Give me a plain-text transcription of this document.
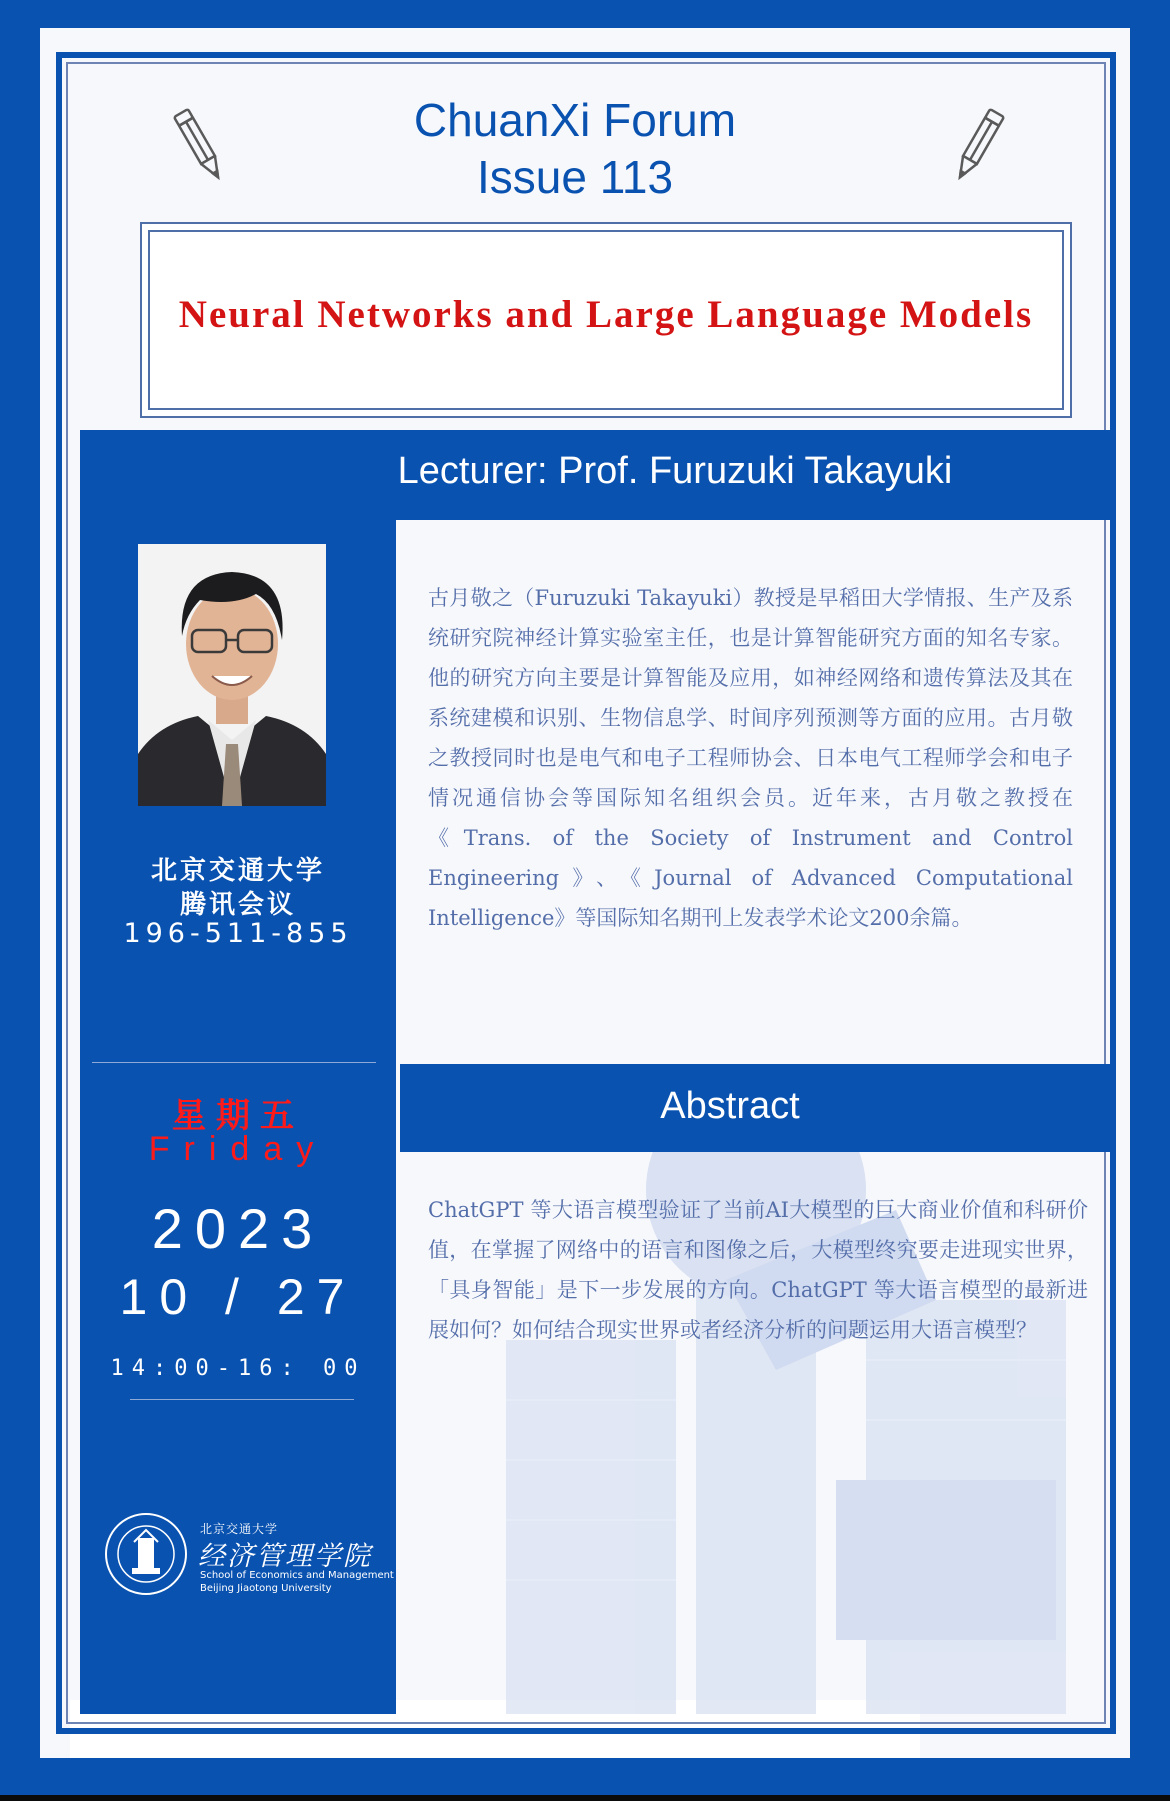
ChuanXi Forum
Issue 113
Neural Networks and Large Language Models
Lecturer: Prof. Furuzuki Takayuki
北京交通大学
腾讯会议
196-511-855
星期五
Friday
2023
10 / 27
14:00-16: 00
北京交通大学
经济管理学院
School of Economics and Management
Beijing Jiaotong University
古月敬之（Furuzuki Takayuki）教授是早稻田大学情报、生产及系统研究院神经计算实验室主任，也是计算智能研究方面的知名专家。他的研究方向主要是计算智能及应用，如神经网络和遗传算法及其在系统建模和识别、生物信息学、时间序列预测等方面的应用。古月敬之教授同时也是电气和电子工程师协会、日本电气工程师学会和电子情况通信协会等国际知名组织会员。近年来，古月敬之教授在《Trans. of the Society of Instrument and Control Engineering》、《Journal of Advanced Computational Intelligence》等国际知名期刊上发表学术论文200余篇。
Abstract
ChatGPT 等大语言模型验证了当前AI大模型的巨大商业价值和科研价值，在掌握了网络中的语言和图像之后，大模型终究要走进现实世界，「具身智能」是下一步发展的方向。ChatGPT 等大语言模型的最新进展如何？如何结合现实世界或者经济分析的问题运用大语言模型？
